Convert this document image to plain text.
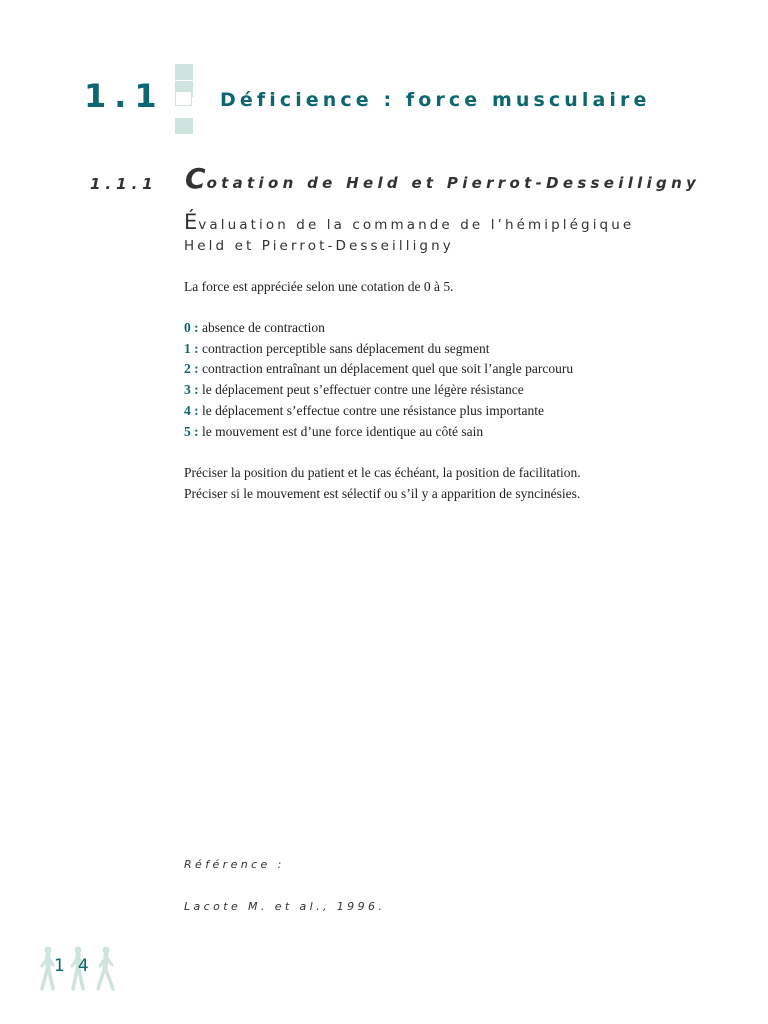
1.1	Déficience : force musculaire
1.1.1 Cotation de Held et Pierrot-Desseilligny
Évaluation de la commande de l’hémiplégique
Held et Pierrot-Desseilligny
La force est appréciée selon une cotation de 0 à 5.
0 : absence de contraction
1 : contraction perceptible sans déplacement du segment
2 : contraction entraînant un déplacement quel que soit l’angle parcouru
3 : le déplacement peut s’effectuer contre une légère résistance
4 : le déplacement s’effectue contre une résistance plus importante
5 : le mouvement est d’une force identique au côté sain
Préciser la position du patient et le cas échéant, la position de facilitation.
Préciser si le mouvement est sélectif ou s’il y a apparition de syncinésies.
Référence :
Lacote M. et al., 1996.
14
